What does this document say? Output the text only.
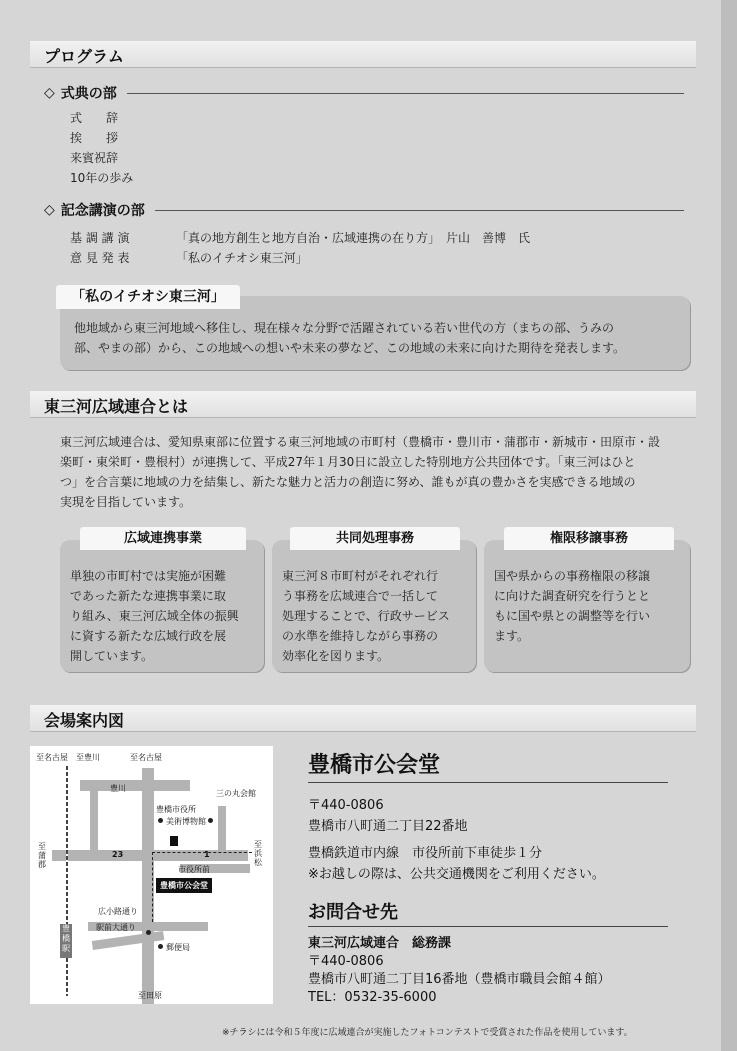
プログラム
◇ 式典の部
式　　辞
挨　　拶
来賓祝辞
10年の歩み
◇ 記念講演の部
基 調 講 演	「真の地方創生と地方自治・広域連携の在り方」　片山　善博　氏
意 見 発 表	「私のイチオシ東三河」
「私のイチオシ東三河」
他地域から東三河地域へ移住し、現在様々な分野で活躍されている若い世代の方（まちの部、うみの
部、やまの部）から、この地域への想いや未来の夢など、この地域の未来に向けた期待を発表します。
東三河広域連合とは
東三河広域連合は、愛知県東部に位置する東三河地域の市町村（豊橋市・豊川市・蒲郡市・新城市・田原市・設
楽町・東栄町・豊根村）が連携して、平成27年１月30日に設立した特別地方公共団体です。「東三河はひと
つ」を合言葉に地域の力を結集し、新たな魅力と活力の創造に努め、誰もが真の豊かさを実感できる地域の
実現を目指しています。
広域連携事業
単独の市町村では実施が困難
であった新たな連携事業に取
り組み、東三河広域全体の振興
に資する新たな広域行政を展
開しています。
共同処理事務
東三河８市町村がそれぞれ行
う事務を広域連合で一括して
処理することで、行政サービス
の水準を維持しながら事務の
効率化を図ります。
権限移譲事務
国や県からの事務権限の移譲
に向けた調査研究を行うとと
もに国や県との調整等を行い
ます。
会場案内図
至名古屋 至豊川	至名古屋
豊川
三の丸会館
豊橋市役所
美術博物館
至蒲郡
至浜松
23	1
市役所前
豊橋市公会堂
広小路通り
駅前大通り
郵便局
豊橋駅
至田原
豊橋市公会堂
〒440-0806
豊橋市八町通二丁目22番地
豊橋鉄道市内線　市役所前下車徒歩１分
※お越しの際は、公共交通機関をご利用ください。
お問合せ先
東三河広域連合　総務課
〒440-0806
豊橋市八町通二丁目16番地（豊橋市職員会館４館）
TEL：0532-35-6000
※チラシには令和５年度に広域連合が実施したフォトコンテストで受賞された作品を使用しています。
